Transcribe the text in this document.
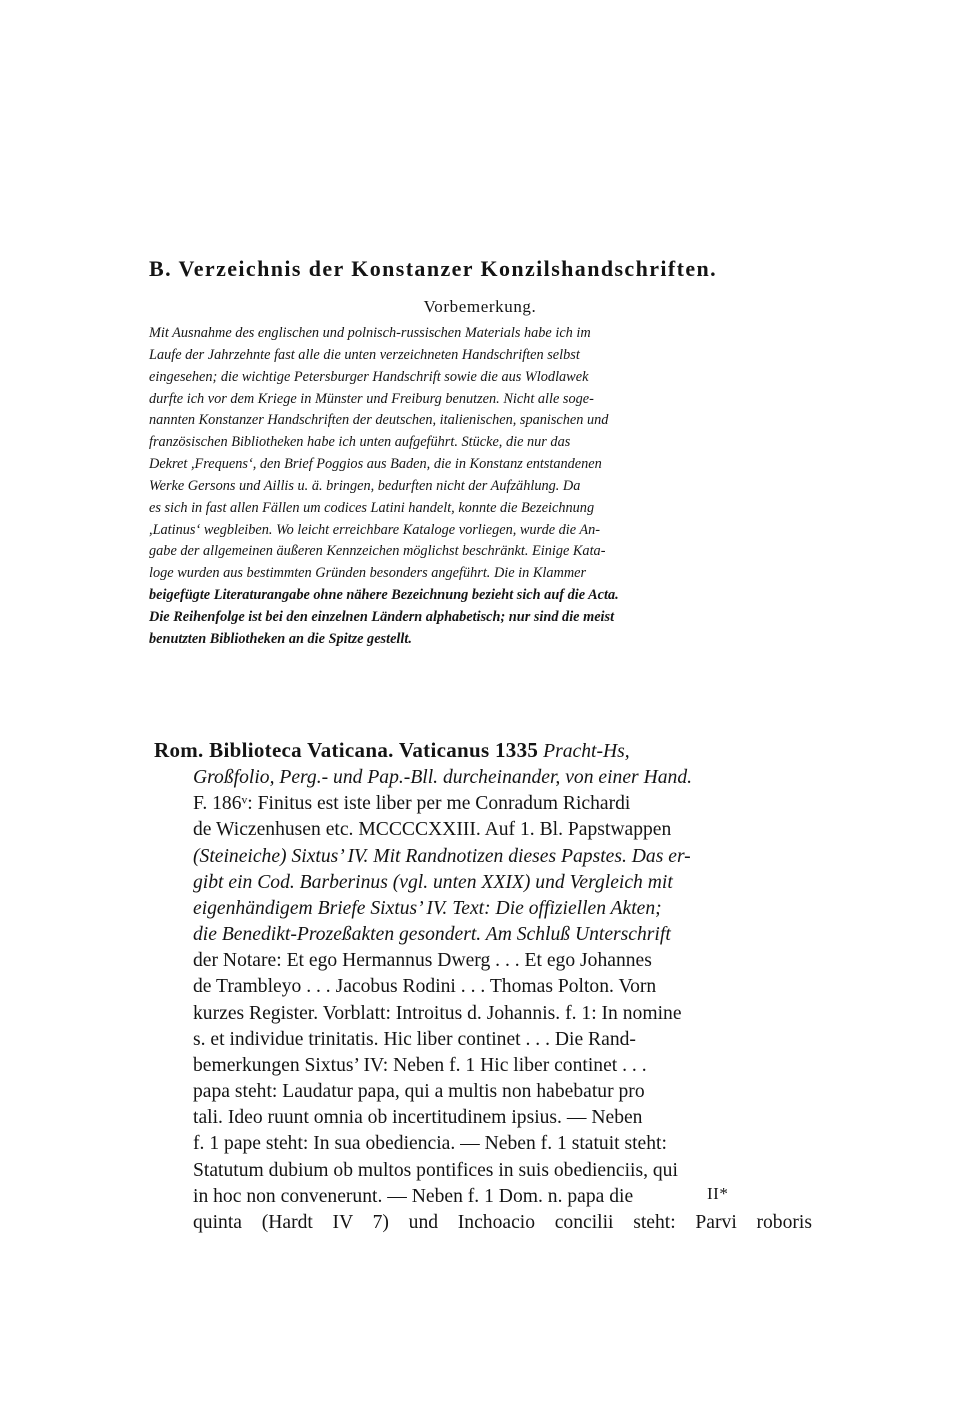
B. Verzeichnis der Konstanzer Konzilshandschriften.
Vorbemerkung.
Mit Ausnahme des englischen und polnisch-russischen Materials habe ich im
Laufe der Jahrzehnte fast alle die unten verzeichneten Handschriften selbst
eingesehen; die wichtige Petersburger Handschrift sowie die aus Wlodlawek
durfte ich vor dem Kriege in Münster und Freiburg benutzen. Nicht alle soge-
nannten Konstanzer Handschriften der deutschen, italienischen, spanischen und
französischen Bibliotheken habe ich unten aufgeführt. Stücke, die nur das
Dekret ,Frequens‘, den Brief Poggios aus Baden, die in Konstanz entstandenen
Werke Gersons und Aillis u. ä. bringen, bedurften nicht der Aufzählung. Da
es sich in fast allen Fällen um codices Latini handelt, konnte die Bezeichnung
,Latinus‘ wegbleiben. Wo leicht erreichbare Kataloge vorliegen, wurde die An-
gabe der allgemeinen äußeren Kennzeichen möglichst beschränkt. Einige Kata-
loge wurden aus bestimmten Gründen besonders angeführt. Die in Klammer
beigefügte Literaturangabe ohne nähere Bezeichnung bezieht sich auf die Acta.
Die Reihenfolge ist bei den einzelnen Ländern alphabetisch; nur sind die meist
benutzten Bibliotheken an die Spitze gestellt.
Rom. Biblioteca Vaticana. Vaticanus 1335 Pracht-Hs,
Großfolio, Perg.- und Pap.-Bll. durcheinander, von einer Hand.
F. 186ᵛ: Finitus est iste liber per me Conradum Richardi
de Wiczenhusen etc. MCCCCXXIII. Auf 1. Bl. Papstwappen
(Steineiche) Sixtus’ IV. Mit Randnotizen dieses Papstes. Das er-
gibt ein Cod. Barberinus (vgl. unten XXIX) und Vergleich mit
eigenhändigem Briefe Sixtus’ IV. Text: Die offiziellen Akten;
die Benedikt-Prozeßakten gesondert. Am Schluß Unterschrift
der Notare: Et ego Hermannus Dwerg . . . Et ego Johannes
de Trambleyo . . . Jacobus Rodini . . . Thomas Polton. Vorn
kurzes Register. Vorblatt: Introitus d. Johannis. f. 1: In nomine
s. et individue trinitatis. Hic liber continet . . . Die Rand-
bemerkungen Sixtus’ IV: Neben f. 1 Hic liber continet . . .
papa steht: Laudatur papa, qui a multis non habebatur pro
tali. Ideo ruunt omnia ob incertitudinem ipsius. — Neben
f. 1 pape steht: In sua obediencia. — Neben f. 1 statuit steht:
Statutum dubium ob multos pontifices in suis obedienciis, qui
in hoc non convenerunt. — Neben f. 1 Dom. n. papa die
quinta (Hardt IV 7) und Inchoacio concilii steht: Parvi roboris
II*
